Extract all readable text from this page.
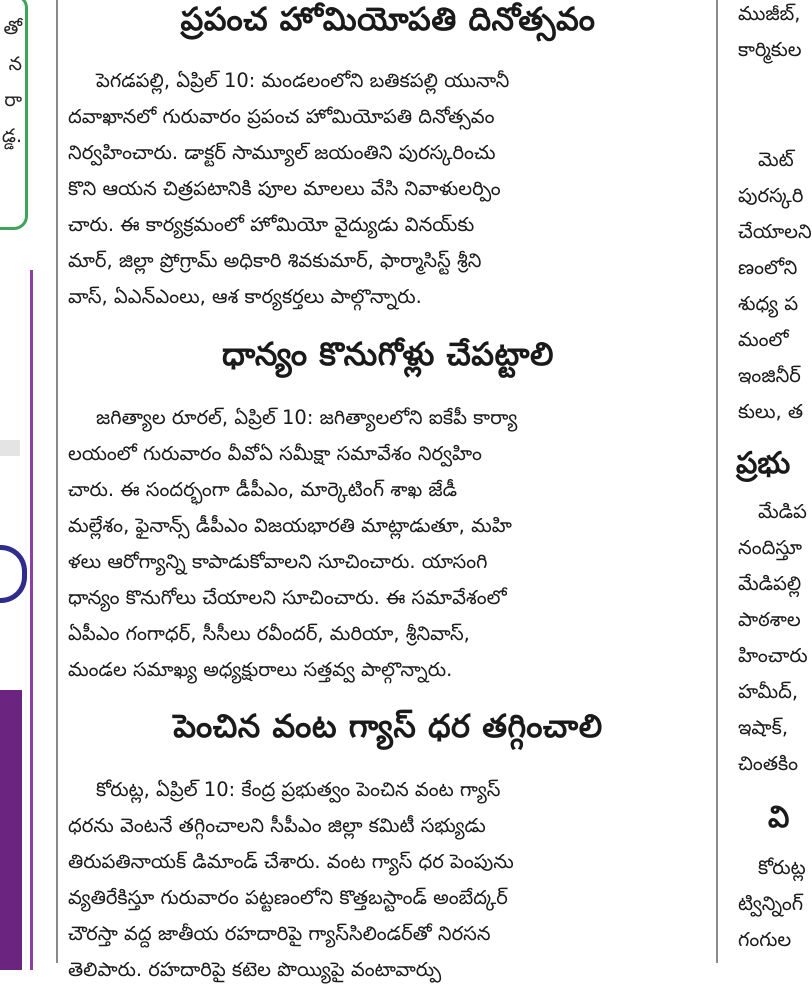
తో
న
రా
డ్డ.
ప్రపంచ హోమియోపతి దినోత్సవం

పెగడపల్లి, ఏప్రిల్ 10: మండలంలోని బతికపల్లి యునానీ
దవాఖానలో గురువారం ప్రపంచ హోమియోపతి దినోత్సవం
నిర్వహించారు. డాక్టర్ సామ్యూల్ జయంతిని పురస్కరించు
కొని ఆయన చిత్రపటానికి పూల మాలలు వేసి నివాళులర్పిం
చారు. ఈ కార్యక్రమంలో హోమియో వైద్యుడు వినయ్‌కు
మార్, జిల్లా ప్రోగ్రామ్ అధికారి శివకుమార్, ఫార్మాసిస్ట్ శ్రీని
వాస్, ఏఎన్ఎంలు, ఆశ కార్యకర్తలు పాల్గొన్నారు.

ధాన్యం కొనుగోళ్లు చేపట్టాలి

జగిత్యాల రూరల్, ఏప్రిల్ 10: జగిత్యాలలోని ఐకేపీ కార్యా
లయంలో గురువారం వీవోఏ సమీక్షా సమావేశం నిర్వహిం
చారు. ఈ సందర్భంగా డీపీఎం, మార్కెటింగ్ శాఖ జేడీ
మల్లేశం, ఫైనాన్స్ డీపీఎం విజయభారతి మాట్లాడుతూ, మహి
ళలు ఆరోగ్యాన్ని కాపాడుకోవాలని సూచించారు. యాసంగి
ధాన్యం కొనుగోలు చేయాలని సూచించారు. ఈ సమావేశంలో
ఏపీఎం గంగాధర్, సీసీలు రవీందర్, మరియా, శ్రీనివాస్,
మండల సమాఖ్య అధ్యక్షురాలు సత్తవ్వ పాల్గొన్నారు.

పెంచిన వంట గ్యాస్ ధర తగ్గించాలి

కోరుట్ల, ఏప్రిల్ 10: కేంద్ర ప్రభుత్వం పెంచిన వంట గ్యాస్
ధరను వెంటనే తగ్గించాలని సీపీఎం జిల్లా కమిటీ సభ్యుడు
తిరుపతినాయక్ డిమాండ్ చేశారు. వంట గ్యాస్ ధర పెంపును
వ్యతిరేకిస్తూ గురువారం పట్టణంలోని కొత్తబస్టాండ్ అంబేద్కర్
చౌరస్తా వద్ద జాతీయ రహదారిపై గ్యాస్‌సిలిండర్‌తో నిరసన
తెలిపారు. రహదారిపై కటెల పొయ్యిపై వంటావార్పు

ముజీబ్,
కార్మికుల
మెట్
పురస్కరి
చేయాలని
ణంలోని
శుధ్య ప
మంలో
ఇంజినీర్
కులు, త
ప్రభు
మేడిప
నందిస్తూ
మేడిపల్లి
పాఠశాల
హించారు
హమీద్,
ఇషాక్,
చింతకిం
వి
కోరుట్ల
ట్విన్నింగ్
గంగుల
